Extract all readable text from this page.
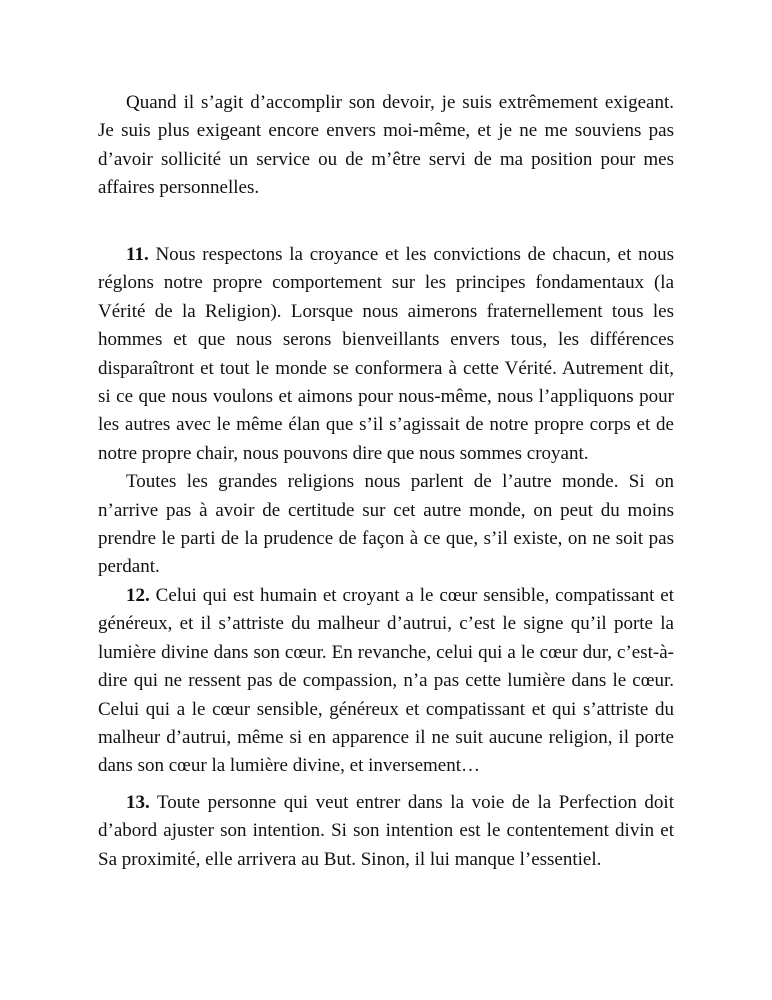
Quand il s’agit d’accomplir son devoir, je suis extrêmement exigeant. Je suis plus exigeant encore envers moi-même, et je ne me souviens pas d’avoir sollicité un service ou de m’être servi de ma position pour mes affaires personnelles.

11. Nous respectons la croyance et les convictions de chacun, et nous réglons notre propre comportement sur les principes fondamentaux (la Vérité de la Religion). Lorsque nous aimerons fraternellement tous les hommes et que nous serons bienveillants envers tous, les différences disparaîtront et tout le monde se conformera à cette Vérité. Autrement dit, si ce que nous voulons et aimons pour nous-même, nous l’appliquons pour les autres avec le même élan que s’il s’agissait de notre propre corps et de notre propre chair, nous pouvons dire que nous sommes croyant.

Toutes les grandes religions nous parlent de l’autre monde. Si on n’arrive pas à avoir de certitude sur cet autre monde, on peut du moins prendre le parti de la prudence de façon à ce que, s’il existe, on ne soit pas perdant.

12. Celui qui est humain et croyant a le cœur sensible, compatissant et généreux, et il s’attriste du malheur d’autrui, c’est le signe qu’il porte la lumière divine dans son cœur. En revanche, celui qui a le cœur dur, c’est-à-dire qui ne ressent pas de compassion, n’a pas cette lumière dans le cœur. Celui qui a le cœur sensible, généreux et compatissant et qui s’attriste du malheur d’autrui, même si en apparence il ne suit aucune religion, il porte dans son cœur la lumière divine, et inversement…

13. Toute personne qui veut entrer dans la voie de la Perfection doit d’abord ajuster son intention. Si son intention est le contentement divin et Sa proximité, elle arrivera au But. Sinon, il lui manque l’essentiel.
